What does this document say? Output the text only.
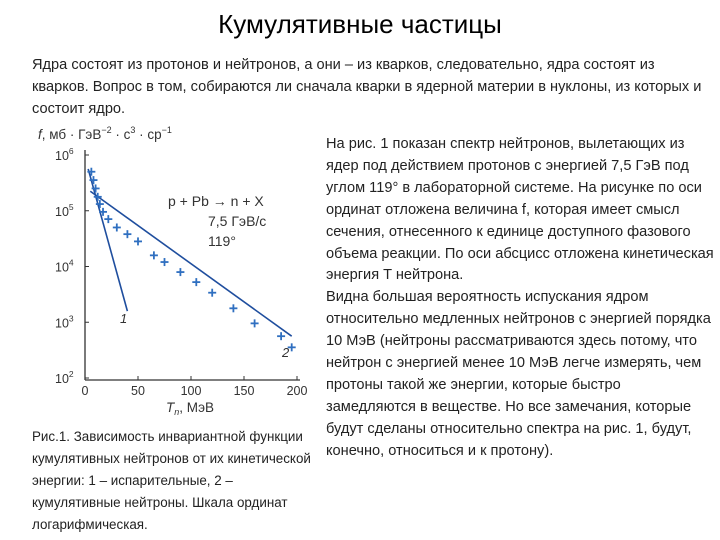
Кумулятивные частицы
Ядра состоят из протонов и нейтронов, а они – из кварков, следовательно, ядра состоят из кварков. Вопрос в том, собираются ли сначала кварки в ядерной материи в нуклоны, из которых и состоит ядро.
f, мб · $ГэВ^{-2} \cdot c^3 \cdot ср^{-1}$
$10^2$
$10^3$
$10^4$
$10^5$
$10^6$
0	50	100	150	200
$T_n$, МэВ
p + Pb → n + X
7,5 ГэВ/c
119°
1
2
Рис.1. Зависимость инвариантной функции кумулятивных нейтронов от их кинетической энергии: 1 – испарительные, 2 – кумулятивные нейтроны. Шкала ординат логарифмическая.

На рис. 1 показан спектр нейтронов, вылетающих из ядер под действием протонов с энергией 7,5 ГэВ под углом 119° в лабораторной системе. На рисунке по оси ординат отложена величина f, которая имеет смысл сечения, отнесенного к единице доступного фазового объема реакции. По оси абсцисс отложена кинетическая энергия T нейтрона.

Видна большая вероятность испускания ядром относительно медленных нейтронов с энергией порядка 10 МэВ (нейтроны рассматриваются здесь потому, что нейтрон с энергией менее 10 МэВ легче измерять, чем протоны такой же энергии, которые быстро замедляются в веществе. Но все замечания, которые будут сделаны относительно спектра на рис. 1, будут, конечно, относиться и к протону).
